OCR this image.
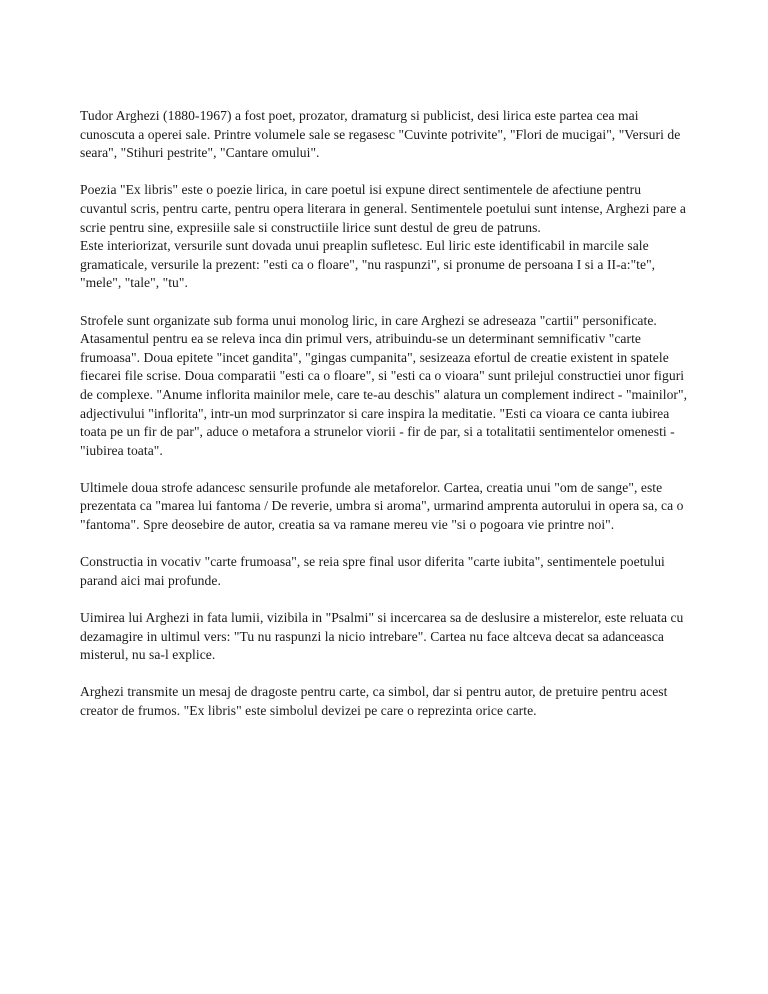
Tudor Arghezi (1880-1967) a fost poet, prozator, dramaturg si publicist, desi lirica este partea cea mai cunoscuta a operei sale. Printre volumele sale se regasesc "Cuvinte potrivite", "Flori de mucigai", "Versuri de seara", "Stihuri pestrite", "Cantare omului".

Poezia "Ex libris" este o poezie lirica, in care poetul isi expune direct sentimentele de afectiune pentru cuvantul scris, pentru carte, pentru opera literara in general. Sentimentele poetului sunt intense, Arghezi pare a scrie pentru sine, expresiile sale si constructiile lirice sunt destul de greu de patruns.
Este interiorizat, versurile sunt dovada unui preaplin sufletesc. Eul liric este identificabil in marcile sale gramaticale, versurile la prezent: "esti ca o floare", "nu raspunzi", si pronume de persoana I si a II-a:"te", "mele", "tale", "tu".

Strofele sunt organizate sub forma unui monolog liric, in care Arghezi se adreseaza "cartii" personificate. Atasamentul pentru ea se releva inca din primul vers, atribuindu-se un determinant semnificativ "carte frumoasa". Doua epitete "incet gandita", "gingas cumpanita", sesizeaza efortul de creatie existent in spatele fiecarei file scrise. Doua comparatii "esti ca o floare", si "esti ca o vioara" sunt prilejul constructiei unor figuri de complexe. "Anume inflorita mainilor mele, care te-au deschis" alatura un complement indirect - "mainilor", adjectivului "inflorita", intr-un mod surprinzator si care inspira la meditatie. "Esti ca vioara ce canta iubirea toata pe un fir de par", aduce o metafora a strunelor viorii - fir de par, si a totalitatii sentimentelor omenesti - "iubirea toata".

Ultimele doua strofe adancesc sensurile profunde ale metaforelor. Cartea, creatia unui "om de sange", este prezentata ca "marea lui fantoma / De reverie, umbra si aroma", urmarind amprenta autorului in opera sa, ca o "fantoma". Spre deosebire de autor, creatia sa va ramane mereu vie "si o pogoara vie printre noi".

Constructia in vocativ "carte frumoasa", se reia spre final usor diferita "carte iubita", sentimentele poetului parand aici mai profunde.

Uimirea lui Arghezi in fata lumii, vizibila in "Psalmi" si incercarea sa de deslusire a misterelor, este reluata cu dezamagire in ultimul vers: "Tu nu raspunzi la nicio intrebare". Cartea nu face altceva decat sa adanceasca misterul, nu sa-l explice.

Arghezi transmite un mesaj de dragoste pentru carte, ca simbol, dar si pentru autor, de pretuire pentru acest creator de frumos. "Ex libris" este simbolul devizei pe care o reprezinta orice carte.
